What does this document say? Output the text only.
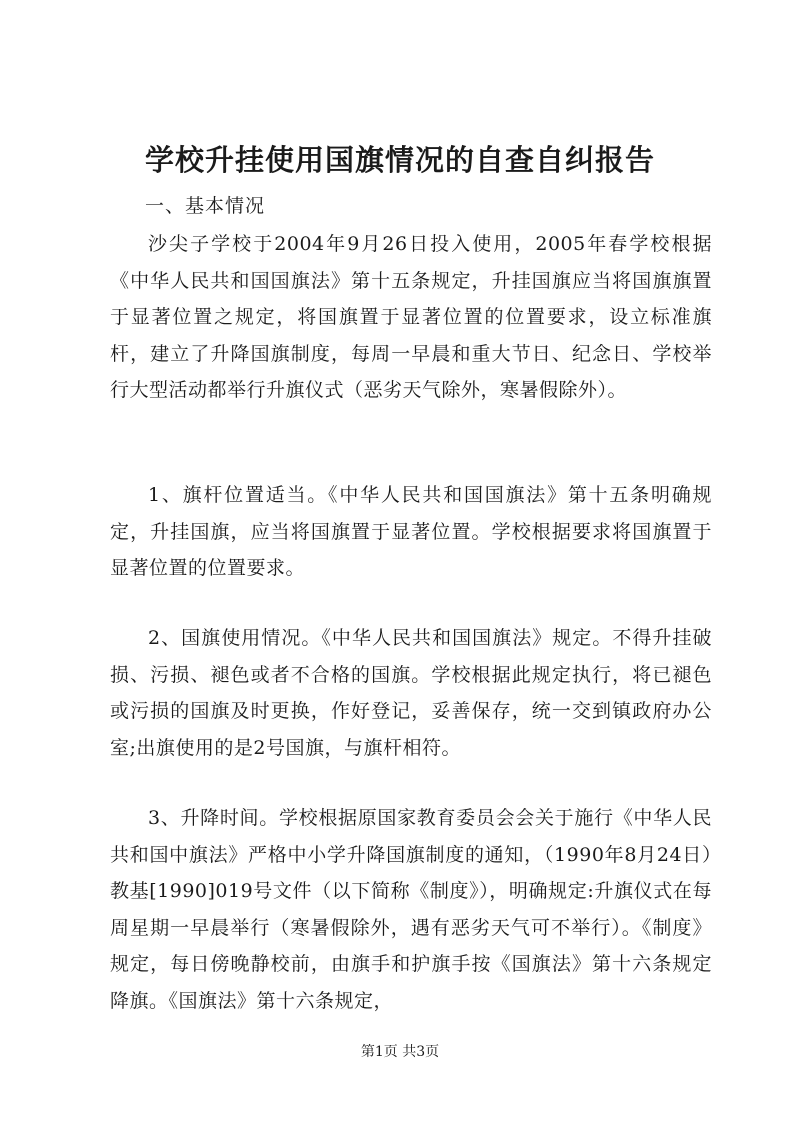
学校升挂使用国旗情况的自查自纠报告

一、基本情况

沙尖子学校于2004年9月26日投入使用，2005年春学校根据《中华人民共和国国旗法》第十五条规定，升挂国旗应当将国旗旗置于显著位置之规定，将国旗置于显著位置的位置要求，设立标准旗杆，建立了升降国旗制度，每周一早晨和重大节日、纪念日、学校举行大型活动都举行升旗仪式（恶劣天气除外，寒暑假除外）。

1、旗杆位置适当。《中华人民共和国国旗法》第十五条明确规定，升挂国旗，应当将国旗置于显著位置。学校根据要求将国旗置于显著位置的位置要求。

2、国旗使用情况。《中华人民共和国国旗法》规定。不得升挂破损、污损、褪色或者不合格的国旗。学校根据此规定执行，将已褪色或污损的国旗及时更换，作好登记，妥善保存，统一交到镇政府办公室;出旗使用的是2号国旗，与旗杆相符。

3、升降时间。学校根据原国家教育委员会会关于施行《中华人民共和国中旗法》严格中小学升降国旗制度的通知，（1990年8月24日）教基[1990]019号文件（以下简称《制度》），明确规定:升旗仪式在每周星期一早晨举行（寒暑假除外，遇有恶劣天气可不举行）。《制度》规定，每日傍晚静校前，由旗手和护旗手按《国旗法》第十六条规定降旗。《国旗法》第十六条规定，

第1页 共3页
